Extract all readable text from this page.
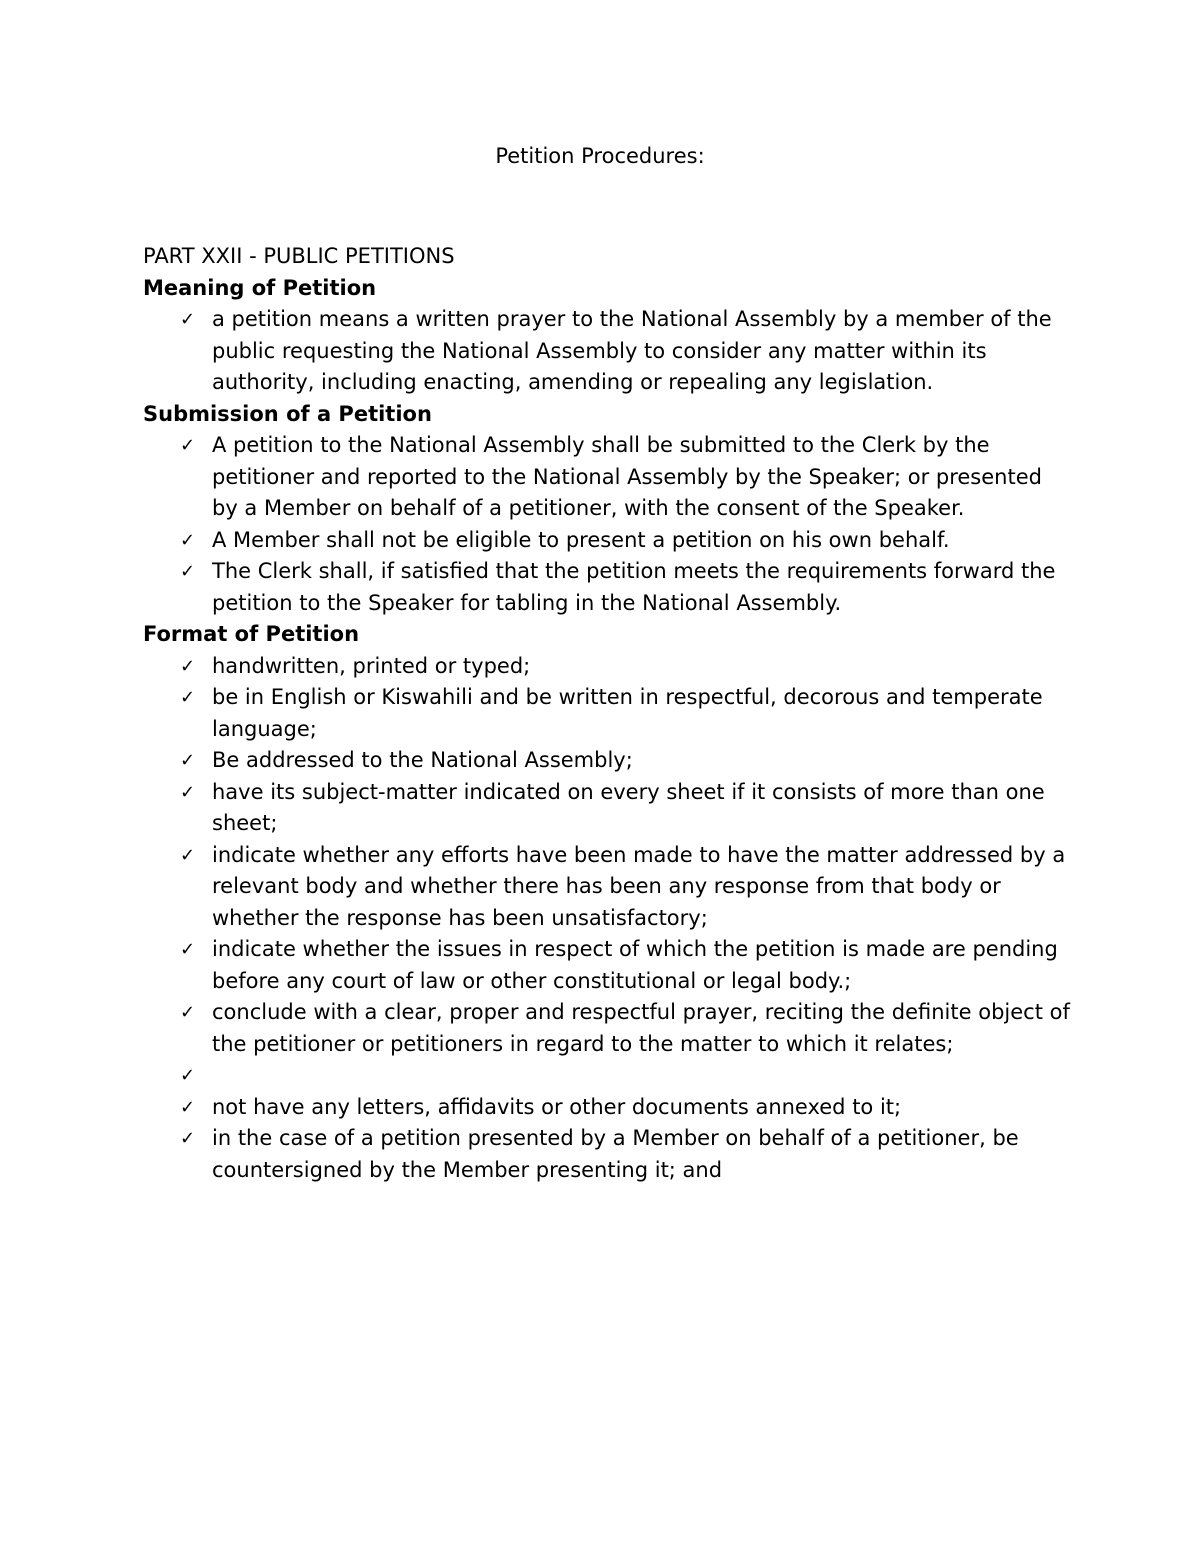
Petition Procedures:

PART XXII - PUBLIC PETITIONS

Meaning of Petition

✓ a petition means a written prayer to the National Assembly by a member of the public requesting the National Assembly to consider any matter within its authority, including enacting, amending or repealing any legislation.

Submission of a Petition

✓ A petition to the National Assembly shall be submitted to the Clerk by the petitioner and reported to the National Assembly by the Speaker; or presented by a Member on behalf of a petitioner, with the consent of the Speaker.
✓ A Member shall not be eligible to present a petition on his own behalf.
✓ The Clerk shall, if satisfied that the petition meets the requirements forward the petition to the Speaker for tabling in the National Assembly.

Format of Petition

✓ handwritten, printed or typed;
✓ be in English or Kiswahili and be written in respectful, decorous and temperate language;
✓ Be addressed to the National Assembly;
✓ have its subject-matter indicated on every sheet if it consists of more than one sheet;
✓ indicate whether any efforts have been made to have the matter addressed by a relevant body and whether there has been any response from that body or whether the response has been unsatisfactory;
✓ indicate whether the issues in respect of which the petition is made are pending before any court of law or other constitutional or legal body.;
✓ conclude with a clear, proper and respectful prayer, reciting the definite object of the petitioner or petitioners in regard to the matter to which it relates;
✓
✓ not have any letters, affidavits or other documents annexed to it;
✓ in the case of a petition presented by a Member on behalf of a petitioner, be countersigned by the Member presenting it; and
